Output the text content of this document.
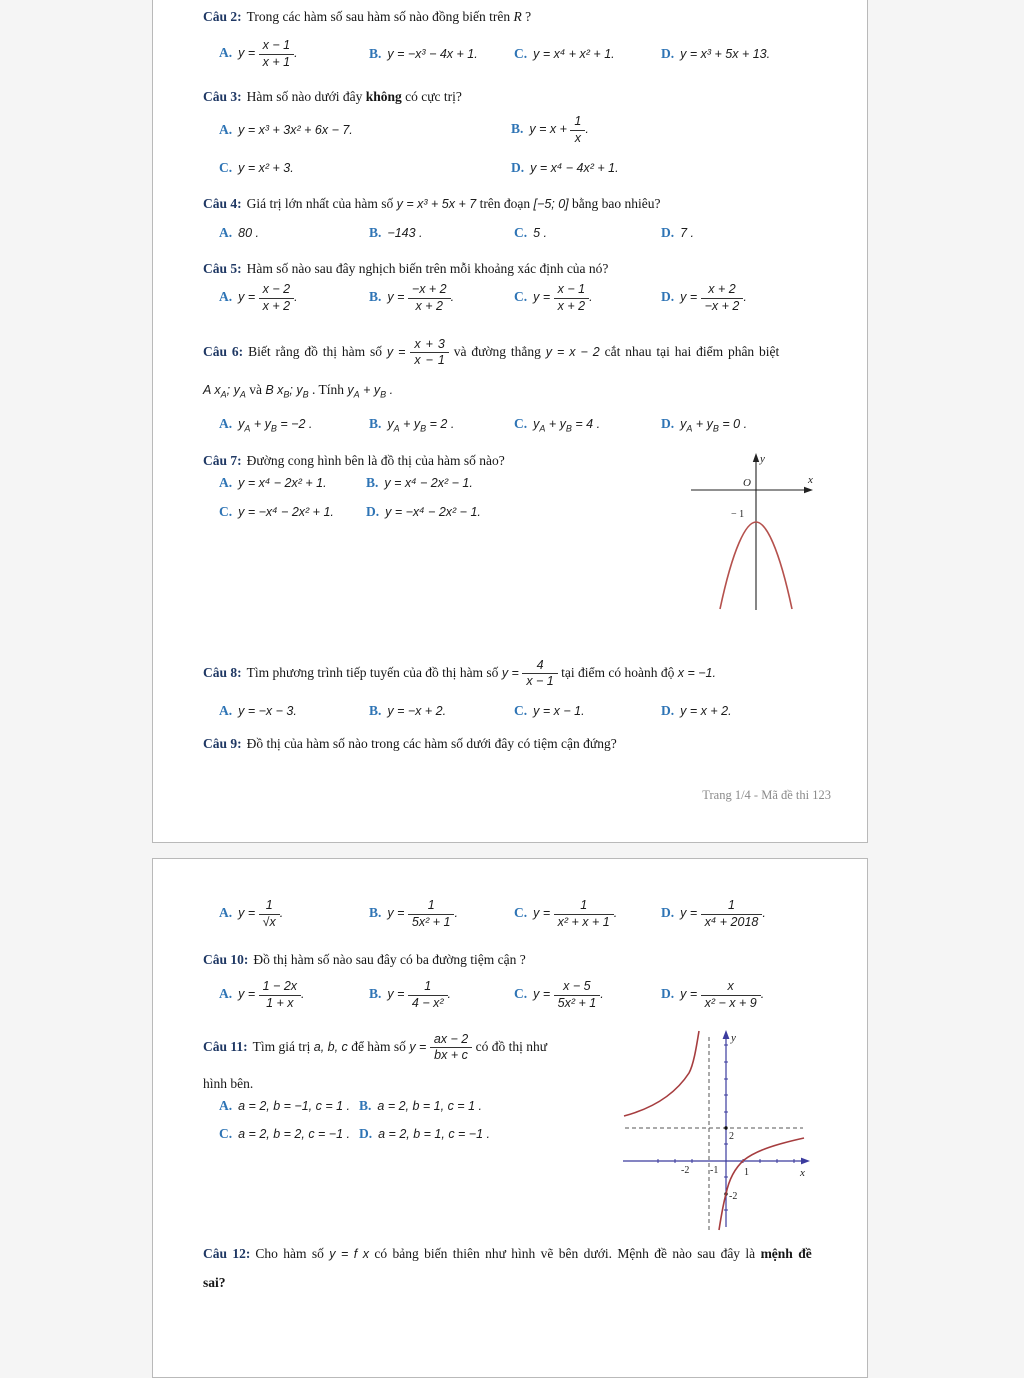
y
x
O
− 1
Câu 2: Trong các hàm số sau hàm số nào đồng biến trên R ?
A. $y = \frac{x - 1}{x + 1}$ .	B. y = −x³ − 4x + 1.	C. y = x⁴ + x² + 1.	D. y = x³ + 5x + 13.
Câu 3: Hàm số nào dưới đây không có cực trị?
A. y = x³ + 3x² + 6x − 7.	B. $y = x + \frac{1}{x}$ .
C. y = x² + 3.	D. y = x⁴ − 4x² + 1.
Câu 4: Giá trị lớn nhất của hàm số y = x³ + 5x + 7 trên đoạn [−5; 0] bằng bao nhiêu?
A. 80 .	B. −143 .	C. 5 .	D. 7 .
Câu 5: Hàm số nào sau đây nghịch biến trên mỗi khoảng xác định của nó?
A. $y = \frac{x - 2}{x + 2}$ .	B. $y = \frac{-x + 2}{x + 2}$ .	C. $y = \frac{x - 1}{x + 2}$ .	D. $y = \frac{x + 2}{-x + 2}$ .
Câu 6: Biết rằng đồ thị hàm số $y = \frac{x + 3}{x - 1}$ và đường thẳng y = x − 2 cắt nhau tại hai điểm phân biệt
A $x_A$; $y_A$ và B $x_B$; $y_B$ . Tính $y_A + y_B$ .
A. $y_A + y_B = -2$ .	B. $y_A + y_B = 2$ .	C. $y_A + y_B = 4$ .	D. $y_A + y_B = 0$ .
Câu 7: Đường cong hình bên là đồ thị của hàm số nào?
A. y = x⁴ − 2x² + 1.	B. y = x⁴ − 2x² − 1.
C. y = −x⁴ − 2x² + 1.	D. y = −x⁴ − 2x² − 1.
Câu 8: Tìm phương trình tiếp tuyến của đồ thị hàm số $y = \frac{4}{x - 1}$ tại điểm có hoành độ x = −1.
A. y = −x − 3.	B. y = −x + 2.	C. y = x − 1.	D. y = x + 2.
Câu 9: Đồ thị của hàm số nào trong các hàm số dưới đây có tiệm cận đứng?
Trang 1/4 - Mã đề thi 123
-2 -1	1
2
-2
y
x
A. $y = \frac{1}{√x}$ .	B. $y = \frac{1}{\text{5x² + 1}}$ .	C. $y = \frac{1}{\text{x² + x + 1}}$ .	D. $y = \frac{1}{\text{x⁴ + 2018}}$ .
Câu 10: Đồ thị hàm số nào sau đây có ba đường tiệm cận ?
A. $y = \frac{1 - 2x}{1 + x}$ .	B. $y = \frac{1}{\text{4 − x²}}$ .	C. $y = \frac{x - 5}{\text{5x² + 1}}$ .	D. $y = \frac{x}{\text{x² − x + 9}}$ .
Câu 11: Tìm giá trị a, b, c để hàm số $y = \frac{ax - 2}{bx + c}$ có đồ thị như
hình bên.
A. a = 2, b = −1, c = 1 . B. a = 2, b = 1, c = 1 .
C. a = 2, b = 2, c = −1 . D. a = 2, b = 1, c = −1 .
Câu 12: Cho hàm số y = f x có bảng biến thiên như hình vẽ bên dưới. Mệnh đề nào sau đây là mệnh đề
sai?
